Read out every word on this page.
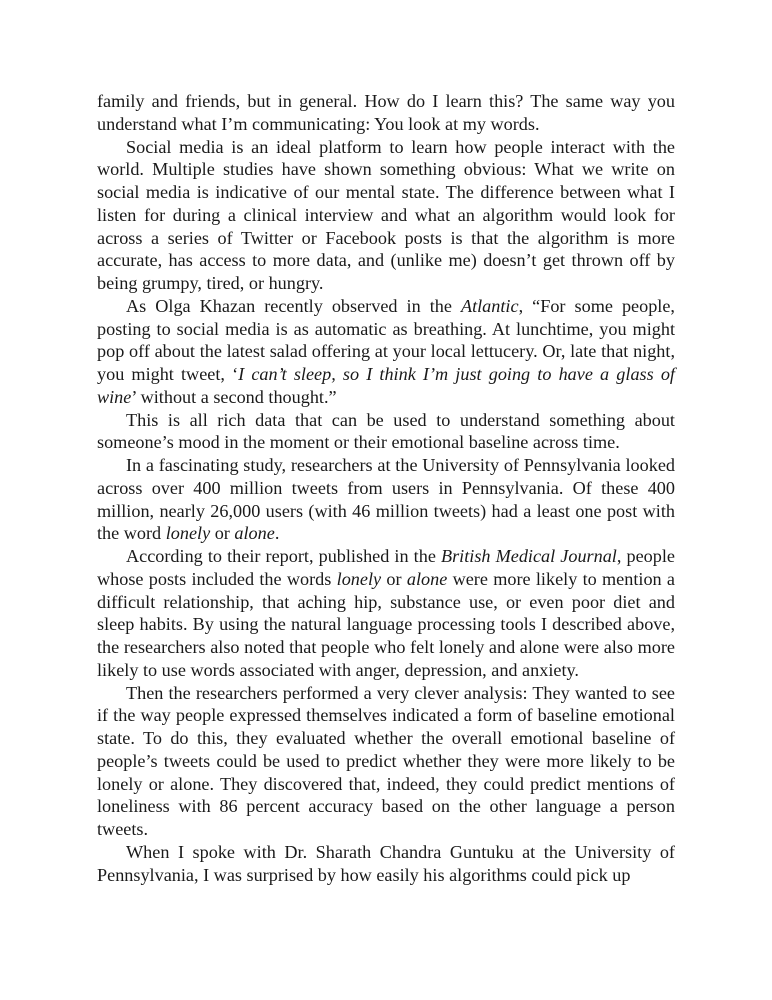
family and friends, but in general. How do I learn this? The same way you understand what I’m communicating: You look at my words.

Social media is an ideal platform to learn how people interact with the world. Multiple studies have shown something obvious: What we write on social media is indicative of our mental state. The difference between what I listen for during a clinical interview and what an algorithm would look for across a series of Twitter or Facebook posts is that the algorithm is more accurate, has access to more data, and (unlike me) doesn’t get thrown off by being grumpy, tired, or hungry.

As Olga Khazan recently observed in the Atlantic, “For some people, posting to social media is as automatic as breathing. At lunchtime, you might pop off about the latest salad offering at your local lettucery. Or, late that night, you might tweet, ‘I can’t sleep, so I think I’m just going to have a glass of wine’ without a second thought.”

This is all rich data that can be used to understand something about someone’s mood in the moment or their emotional baseline across time.

In a fascinating study, researchers at the University of Pennsylvania looked across over 400 million tweets from users in Pennsylvania. Of these 400 million, nearly 26,000 users (with 46 million tweets) had a least one post with the word lonely or alone.

According to their report, published in the British Medical Journal, people whose posts included the words lonely or alone were more likely to mention a difficult relationship, that aching hip, substance use, or even poor diet and sleep habits. By using the natural language processing tools I described above, the researchers also noted that people who felt lonely and alone were also more likely to use words associated with anger, depression, and anxiety.

Then the researchers performed a very clever analysis: They wanted to see if the way people expressed themselves indicated a form of baseline emotional state. To do this, they evaluated whether the overall emotional baseline of people’s tweets could be used to predict whether they were more likely to be lonely or alone. They discovered that, indeed, they could predict mentions of loneliness with 86 percent accuracy based on the other language a person tweets.

When I spoke with Dr. Sharath Chandra Guntuku at the University of Pennsylvania, I was surprised by how easily his algorithms could pick up
